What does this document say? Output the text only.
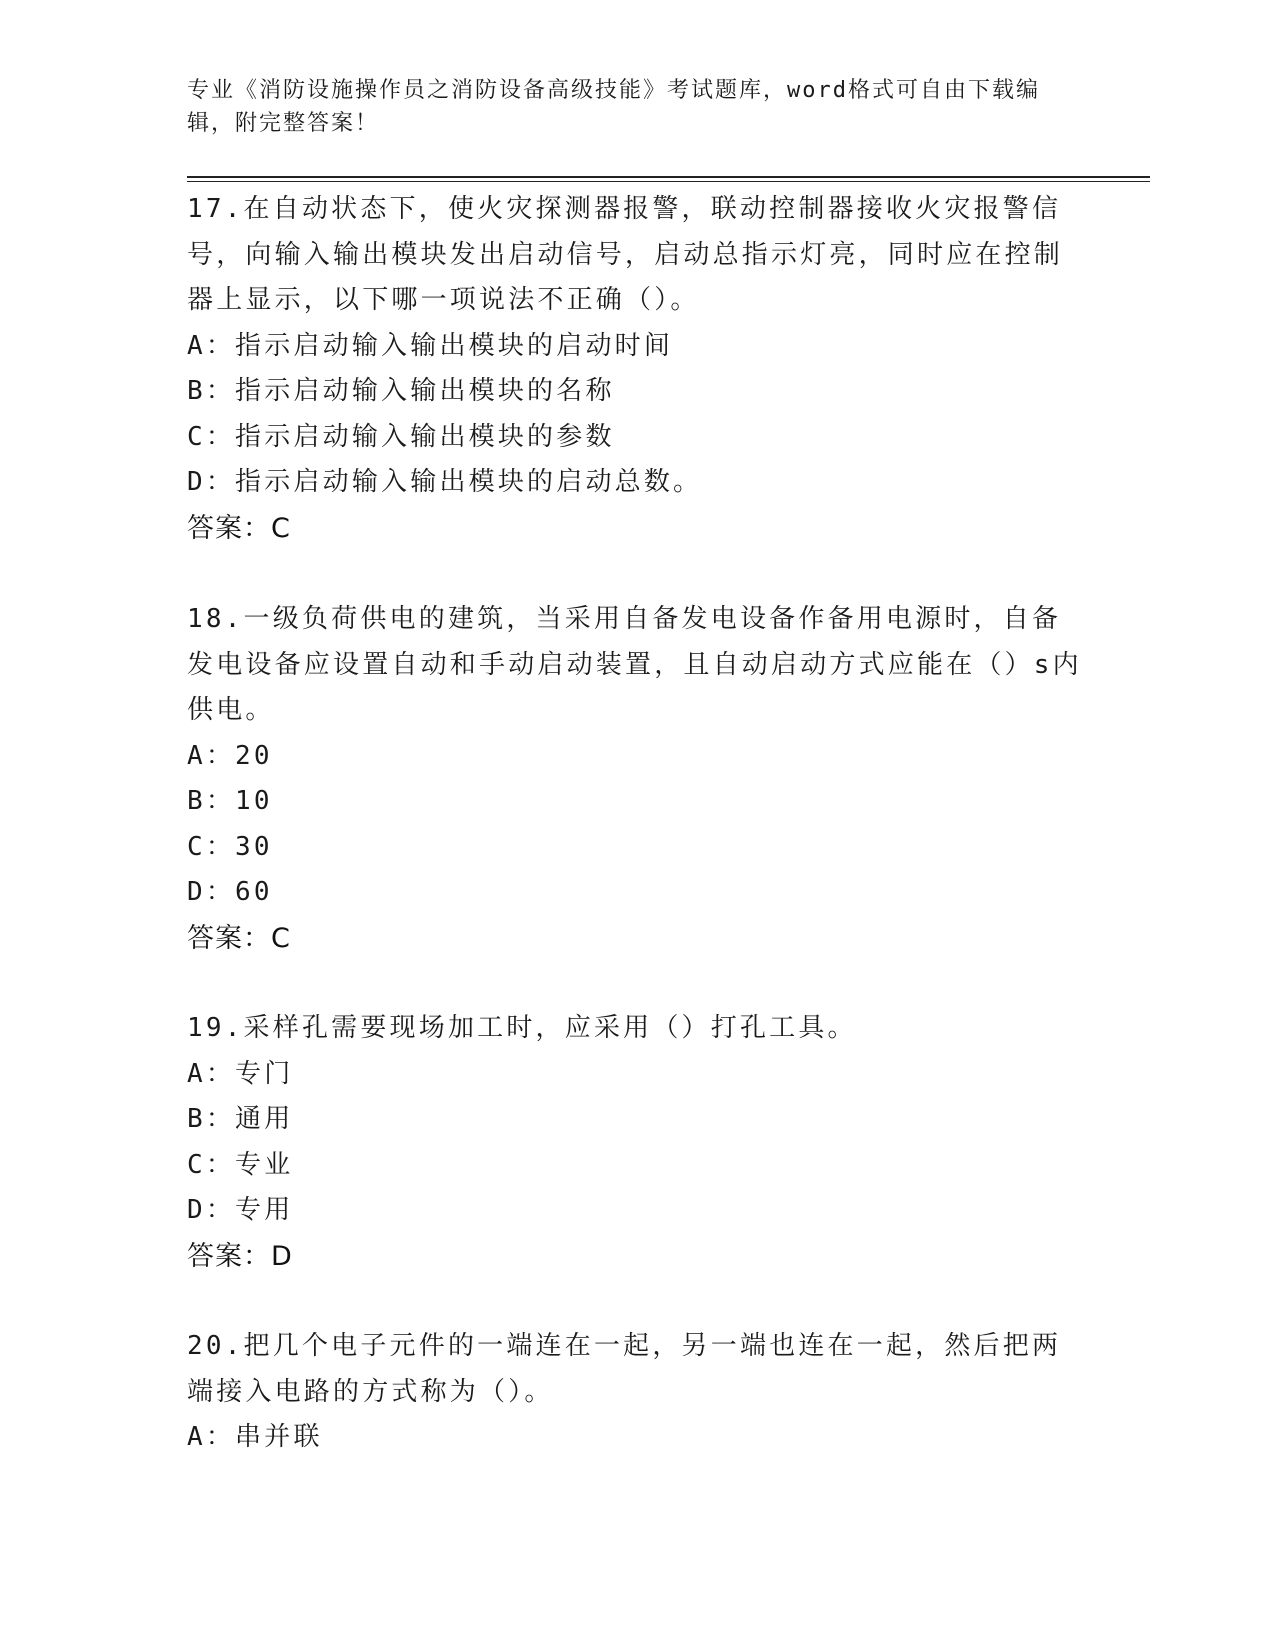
专业《消防设施操作员之消防设备高级技能》考试题库，word格式可自由下载编辑，附完整答案！

17.在自动状态下，使火灾探测器报警，联动控制器接收火灾报警信号，向输入输出模块发出启动信号，启动总指示灯亮，同时应在控制器上显示，以下哪一项说法不正确（）。

A：指示启动输入输出模块的启动时间

B：指示启动输入输出模块的名称

C：指示启动输入输出模块的参数

D：指示启动输入输出模块的启动总数。

答案：C

18.一级负荷供电的建筑，当采用自备发电设备作备用电源时，自备发电设备应设置自动和手动启动装置，且自动启动方式应能在（）s内供电。

A：20

B：10

C：30

D：60

答案：C

19.采样孔需要现场加工时，应采用（）打孔工具。

A：专门

B：通用

C：专业

D：专用

答案：D

20.把几个电子元件的一端连在一起，另一端也连在一起，然后把两端接入电路的方式称为（）。

A：串并联
